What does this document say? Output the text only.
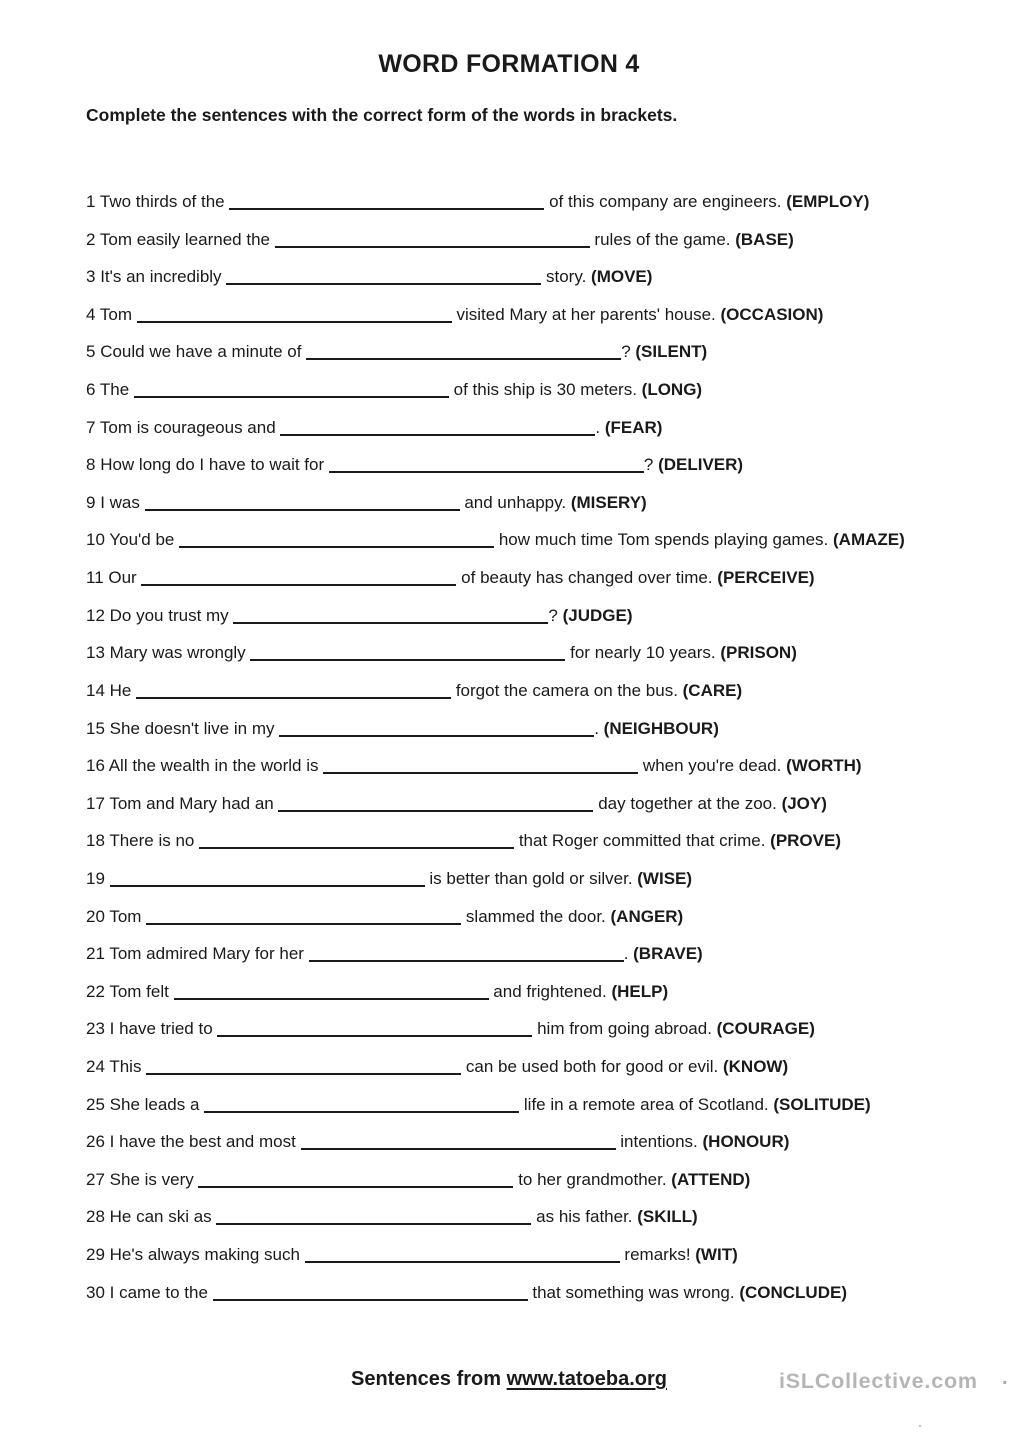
WORD FORMATION 4
Complete the sentences with the correct form of the words in brackets.
1 Two thirds of the	of this company are engineers. (EMPLOY)
2 Tom easily learned the	rules of the game. (BASE)
3 It's an incredibly	story. (MOVE)
4 Tom	visited Mary at her parents' house. (OCCASION)
5 Could we have a minute of	? (SILENT)
6 The	of this ship is 30 meters. (LONG)
7 Tom is courageous and	. (FEAR)
8 How long do I have to wait for	? (DELIVER)
9 I was	and unhappy. (MISERY)
10 You'd be	how much time Tom spends playing games. (AMAZE)
11 Our	of beauty has changed over time. (PERCEIVE)
12 Do you trust my	? (JUDGE)
13 Mary was wrongly	for nearly 10 years. (PRISON)
14 He	forgot the camera on the bus. (CARE)
15 She doesn't live in my	. (NEIGHBOUR)
16 All the wealth in the world is	when you're dead. (WORTH)
17 Tom and Mary had an	day together at the zoo. (JOY)
18 There is no	that Roger committed that crime. (PROVE)
19	is better than gold or silver. (WISE)
20 Tom	slammed the door. (ANGER)
21 Tom admired Mary for her	. (BRAVE)
22 Tom felt	and frightened. (HELP)
23 I have tried to	him from going abroad. (COURAGE)
24 This	can be used both for good or evil. (KNOW)
25 She leads a	life in a remote area of Scotland. (SOLITUDE)
26 I have the best and most	intentions. (HONOUR)
27 She is very	to her grandmother. (ATTEND)
28 He can ski as	as his father. (SKILL)
29 He's always making such	remarks! (WIT)
30 I came to the	that something was wrong. (CONCLUDE)
Sentences from www.tatoeba.org	iSLCollective.com .
.
